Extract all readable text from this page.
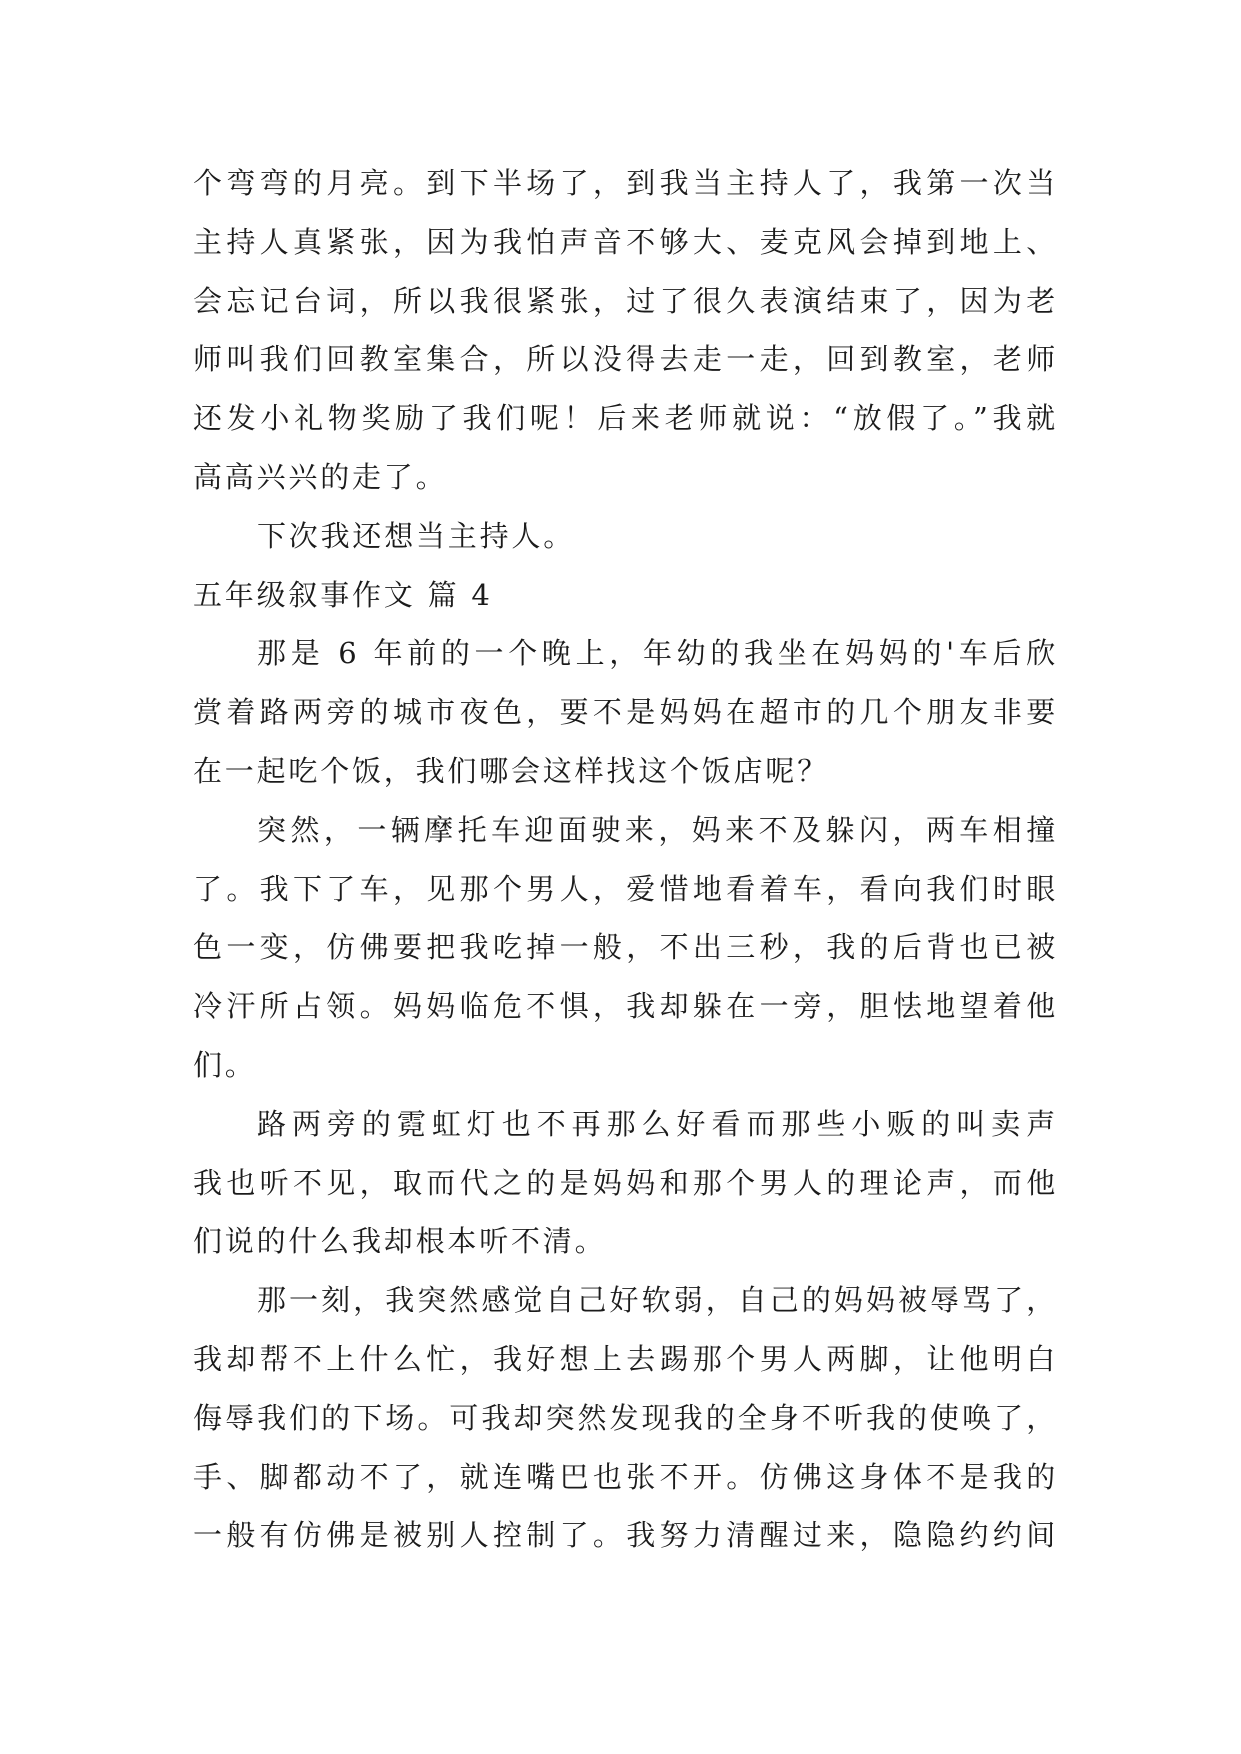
个弯弯的月亮。到下半场了，到我当主持人了，我第一次当
主持人真紧张，因为我怕声音不够大、麦克风会掉到地上、
会忘记台词，所以我很紧张，过了很久表演结束了，因为老
师叫我们回教室集合，所以没得去走一走，回到教室，老师
还发小礼物奖励了我们呢！后来老师就说：“放假了。”我就
高高兴兴的走了。

下次我还想当主持人。

五年级叙事作文 篇 4

那是 6 年前的一个晚上，年幼的我坐在妈妈的'车后欣
赏着路两旁的城市夜色，要不是妈妈在超市的几个朋友非要
在一起吃个饭，我们哪会这样找这个饭店呢？

突然，一辆摩托车迎面驶来，妈来不及躲闪，两车相撞
了。我下了车，见那个男人，爱惜地看着车，看向我们时眼
色一变，仿佛要把我吃掉一般，不出三秒，我的后背也已被
冷汗所占领。妈妈临危不惧，我却躲在一旁，胆怯地望着他
们。

路两旁的霓虹灯也不再那么好看而那些小贩的叫卖声
我也听不见，取而代之的是妈妈和那个男人的理论声，而他
们说的什么我却根本听不清。

那一刻，我突然感觉自己好软弱，自己的妈妈被辱骂了，
我却帮不上什么忙，我好想上去踢那个男人两脚，让他明白
侮辱我们的下场。可我却突然发现我的全身不听我的使唤了，
手、脚都动不了，就连嘴巴也张不开。仿佛这身体不是我的
一般有仿佛是被别人控制了。我努力清醒过来，隐隐约约间
